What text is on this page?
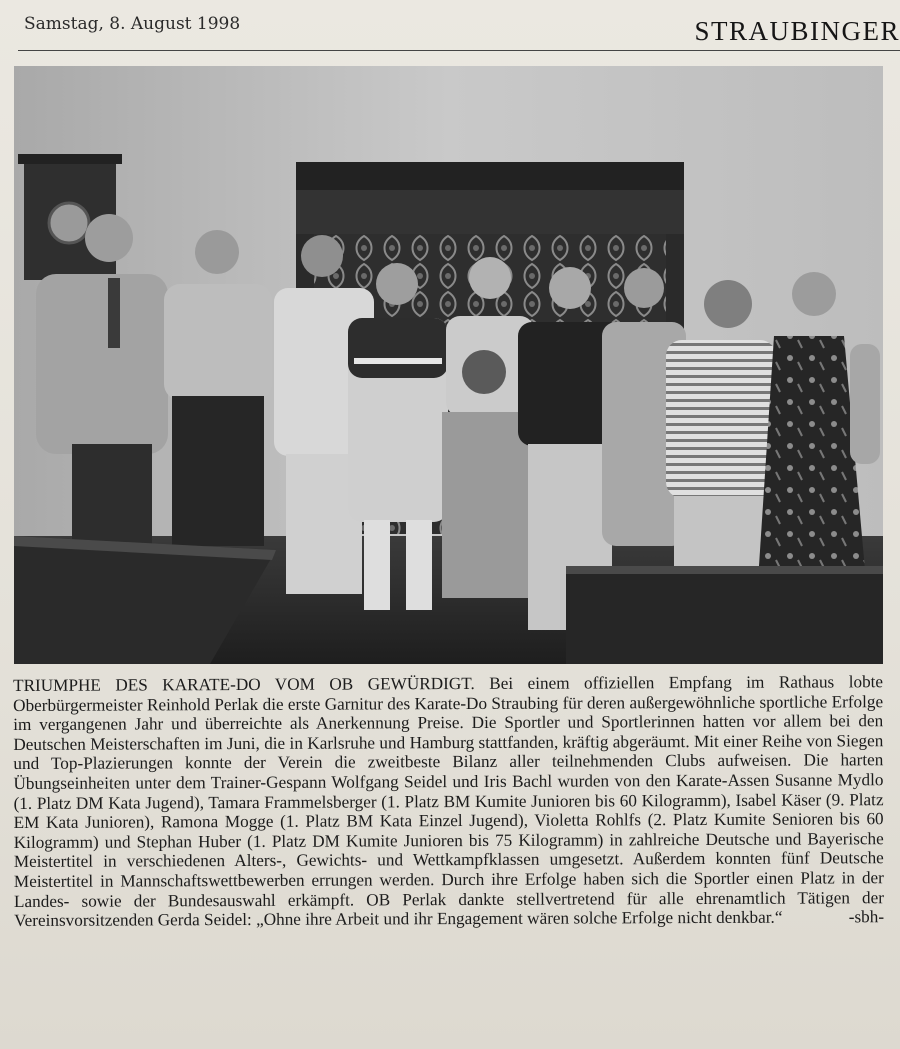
Samstag, 8. August 1998	STRAUBINGER
TRIUMPHE DES KARATE-DO VOM OB GEWÜRDIGT. Bei einem offiziellen Empfang im Rathaus lobte Oberbürgermeister Reinhold Perlak die erste Garnitur des Karate-Do Straubing für deren außergewöhnliche sportliche Erfolge im vergangenen Jahr und überreichte als Anerkennung Preise. Die Sportler und Sportlerinnen hatten vor allem bei den Deutschen Meisterschaften im Juni, die in Karlsruhe und Hamburg stattfanden, kräftig abgeräumt. Mit einer Reihe von Siegen und Top-Plazierungen konnte der Verein die zweitbeste Bilanz aller teilnehmenden Clubs aufweisen. Die harten Übungseinheiten unter dem Trainer-Gespann Wolfgang Seidel und Iris Bachl wurden von den Karate-Assen Susanne Mydlo (1. Platz DM Kata Jugend), Tamara Frammelsberger (1. Platz BM Kumite Junioren bis 60 Kilogramm), Isabel Käser (9. Platz EM Kata Junioren), Ramona Mogge (1. Platz BM Kata Einzel Jugend), Violetta Rohlfs (2. Platz Kumite Senioren bis 60 Kilogramm) und Stephan Huber (1. Platz DM Kumite Junioren bis 75 Kilogramm) in zahlreiche Deutsche und Bayerische Meistertitel in verschiedenen Alters-, Gewichts- und Wettkampfklassen umgesetzt. Außerdem konnten fünf Deutsche Meistertitel in Mannschaftswettbewerben errungen werden. Durch ihre Erfolge haben sich die Sportler einen Platz in der Landes- sowie der Bundesauswahl erkämpft. OB Perlak dankte stellvertretend für alle ehrenamtlich Tätigen der Vereinsvorsitzenden Gerda Seidel: „Ohne ihre Arbeit und ihr Engagement wären solche Erfolge nicht denkbar.“	-sbh-
